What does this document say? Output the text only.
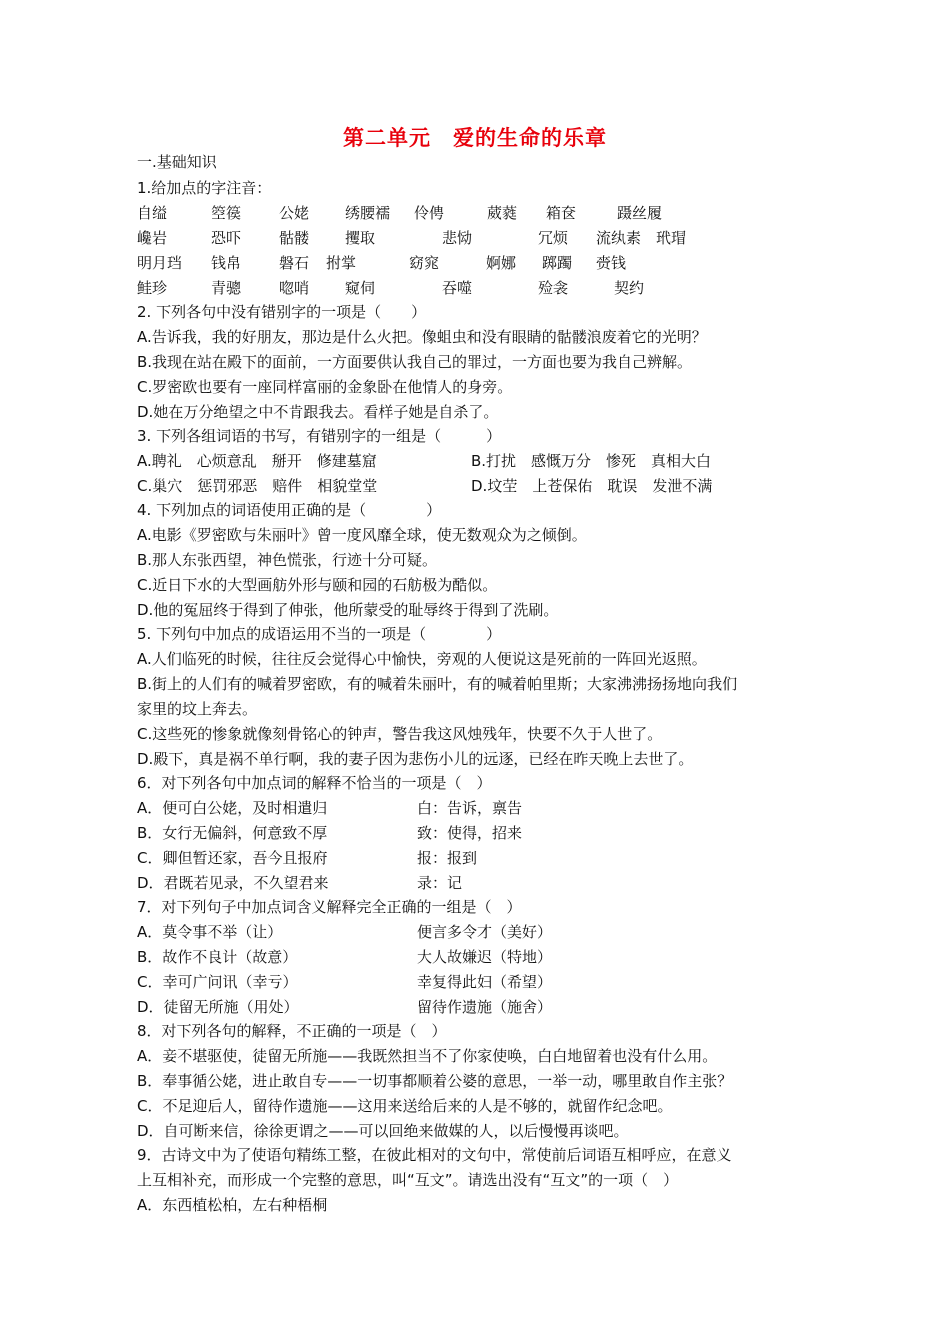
第二单元　爱的生命的乐章
一.基础知识
1.给加点的字注音：
自缢	箜篌	公姥 绣腰襦 伶俜	葳蕤 箱奁	蹑丝履
巉岩	恐吓	骷髅 攫取	悲恸	冗烦 流纨素 玳瑁
明月珰 钱帛	磐石 拊掌	窈窕	婀娜 踯躅 赍钱
鲑珍	青骢	唿哨 窥伺	吞噬	殓衾	契约
2. 下列各句中没有错别字的一项是（　　）
A.告诉我，我的好朋友，那边是什么火把。像蛆虫和没有眼睛的骷髅浪废着它的光明？
B.我现在站在殿下的面前，一方面要供认我自己的罪过，一方面也要为我自己辨解。
C.罗密欧也要有一座同样富丽的金象卧在他情人的身旁。
D.她在万分绝望之中不肯跟我去。看样子她是自杀了。
3. 下列各组词语的书写，有错别字的一组是（　　　）
A.聘礼　心烦意乱　掰开　修建墓窟	B.打扰　感慨万分　惨死　真相大白
C.巢穴　惩罚邪恶　赔件　相貌堂堂	D.坟茔　上苍保佑　耽误　发泄不满
4. 下列加点的词语使用正确的是（　　　　）
A.电影《罗密欧与朱丽叶》曾一度风靡全球，使无数观众为之倾倒。
B.那人东张西望，神色慌张，行迹十分可疑。
C.近日下水的大型画舫外形与颐和园的石舫极为酷似。
D.他的冤屈终于得到了伸张，他所蒙受的耻辱终于得到了洗刷。
5. 下列句中加点的成语运用不当的一项是（　　　　）
A.人们临死的时候，往往反会觉得心中愉快，旁观的人便说这是死前的一阵回光返照。
B.街上的人们有的喊着罗密欧，有的喊着朱丽叶，有的喊着帕里斯；大家沸沸扬扬地向我们
家里的坟上奔去。
C.这些死的惨象就像刻骨铭心的钟声，警告我这风烛残年，快要不久于人世了。
D.殿下，真是祸不单行啊，我的妻子因为悲伤小儿的远逐，已经在昨天晚上去世了。
6．对下列各句中加点词的解释不恰当的一项是（　）
A．便可白公姥，及时相遣归	白：告诉，禀告
B．女行无偏斜，何意致不厚	致：使得，招来
C．卿但暂还家，吾今且报府	报：报到
D．君既若见录，不久望君来	录：记
7．对下列句子中加点词含义解释完全正确的一组是（　）
A．莫令事不举（让）	便言多令才（美好）
B．故作不良计（故意）	大人故嫌迟（特地）
C．幸可广问讯（幸亏）	幸复得此妇（希望）
D．徒留无所施（用处）	留待作遗施（施舍）
8．对下列各句的解释，不正确的一项是（　）
A．妾不堪驱使，徒留无所施——我既然担当不了你家使唤，白白地留着也没有什么用。
B．奉事循公姥，进止敢自专——一切事都顺着公婆的意思，一举一动，哪里敢自作主张？
C．不足迎后人，留待作遗施——这用来送给后来的人是不够的，就留作纪念吧。
D．自可断来信，徐徐更谓之——可以回绝来做媒的人，以后慢慢再谈吧。
9．古诗文中为了使语句精练工整，在彼此相对的文句中，常使前后词语互相呼应，在意义
上互相补充，而形成一个完整的意思，叫“互文”。请选出没有“互文”的一项（　）
A．东西植松柏，左右种梧桐
